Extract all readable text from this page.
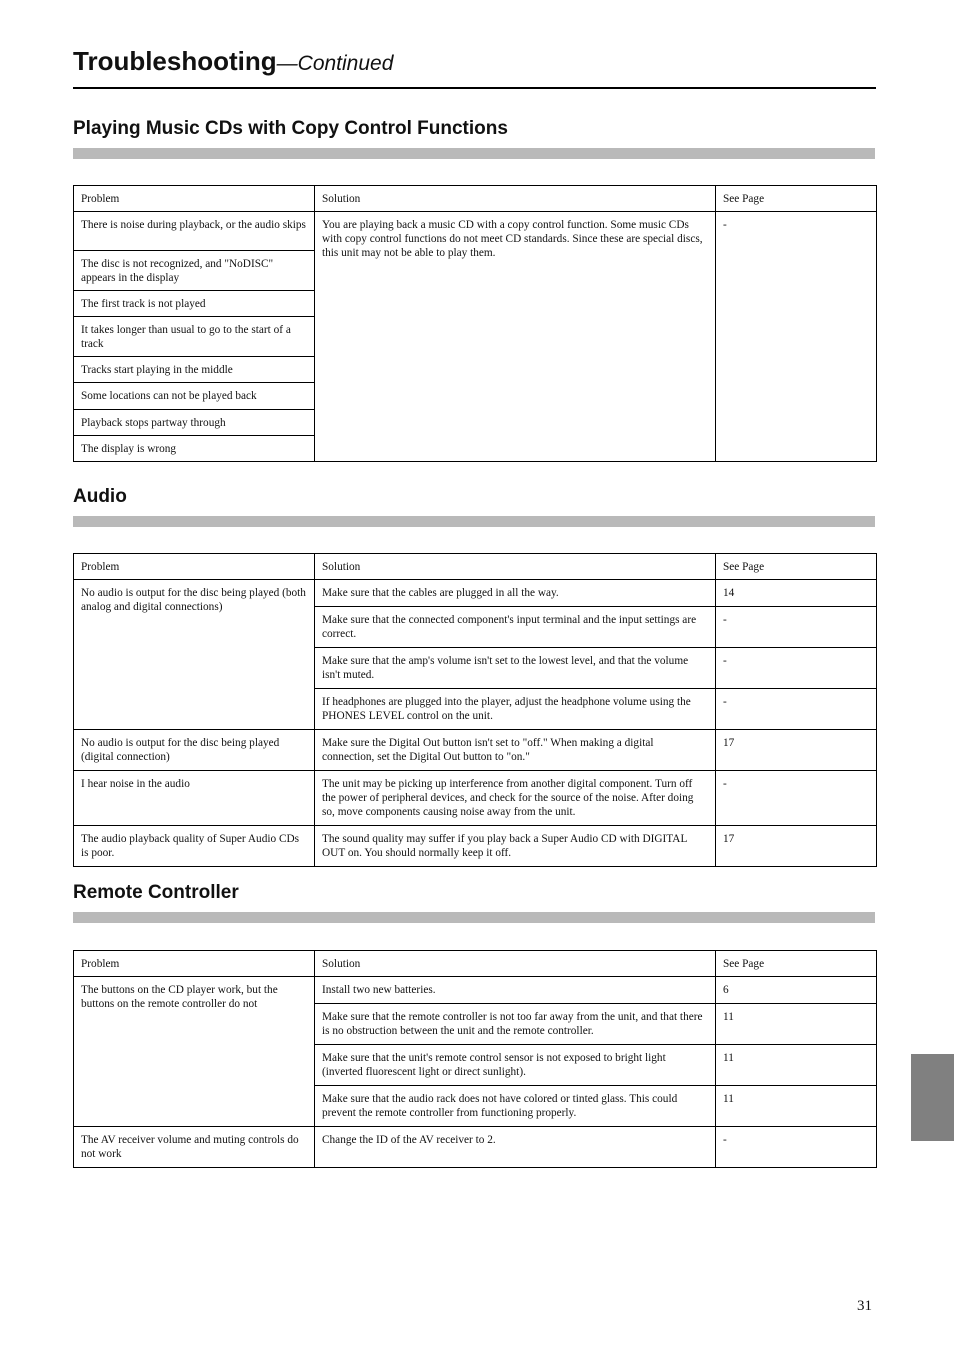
Troubleshooting—Continued
Playing Music CDs with Copy Control Functions
Problem	Solution	See Page
There is noise during playback, or the audio skips	You are playing back a music CD with a copy control function. Some music CDs with copy control functions do not meet CD standards. Since these are special discs, this unit may not be able to play them.	-
The disc is not recognized, and "NoDISC" appears in the display		
The first track is not played		
It takes longer than usual to go to the start of a track		
Tracks start playing in the middle		
Some locations can not be played back		
Playback stops partway through		
The display is wrong		
Audio
Problem	Solution	See Page
No audio is output for the disc being played (both analog and digital connections)	Make sure that the cables are plugged in all the way.	14
	Make sure that the connected component's input terminal and the input settings are correct.	-
	Make sure that the amp's volume isn't set to the lowest level, and that the volume isn't muted.	-
	If headphones are plugged into the player, adjust the headphone volume using the PHONES LEVEL control on the unit.	-
No audio is output for the disc being played (digital connection)	Make sure the Digital Out button isn't set to "off." When making a digital connection, set the Digital Out button to "on."	17
I hear noise in the audio	The unit may be picking up interference from another digital component. Turn off the power of peripheral devices, and check for the source of the noise. After doing so, move components causing noise away from the unit.	-
The audio playback quality of Super Audio CDs is poor.	The sound quality may suffer if you play back a Super Audio CD with DIGITAL OUT on. You should normally keep it off.	17
Remote Controller
Problem	Solution	See Page
The buttons on the CD player work, but the buttons on the remote controller do not	Install two new batteries.	6
	Make sure that the remote controller is not too far away from the unit, and that there is no obstruction between the unit and the remote controller.	11
	Make sure that the unit's remote control sensor is not exposed to bright light (inverted fluorescent light or direct sunlight).	11
	Make sure that the audio rack does not have colored or tinted glass. This could prevent the remote controller from functioning properly.	11
The AV receiver volume and muting controls do not work	Change the ID of the AV receiver to 2.	-
31
